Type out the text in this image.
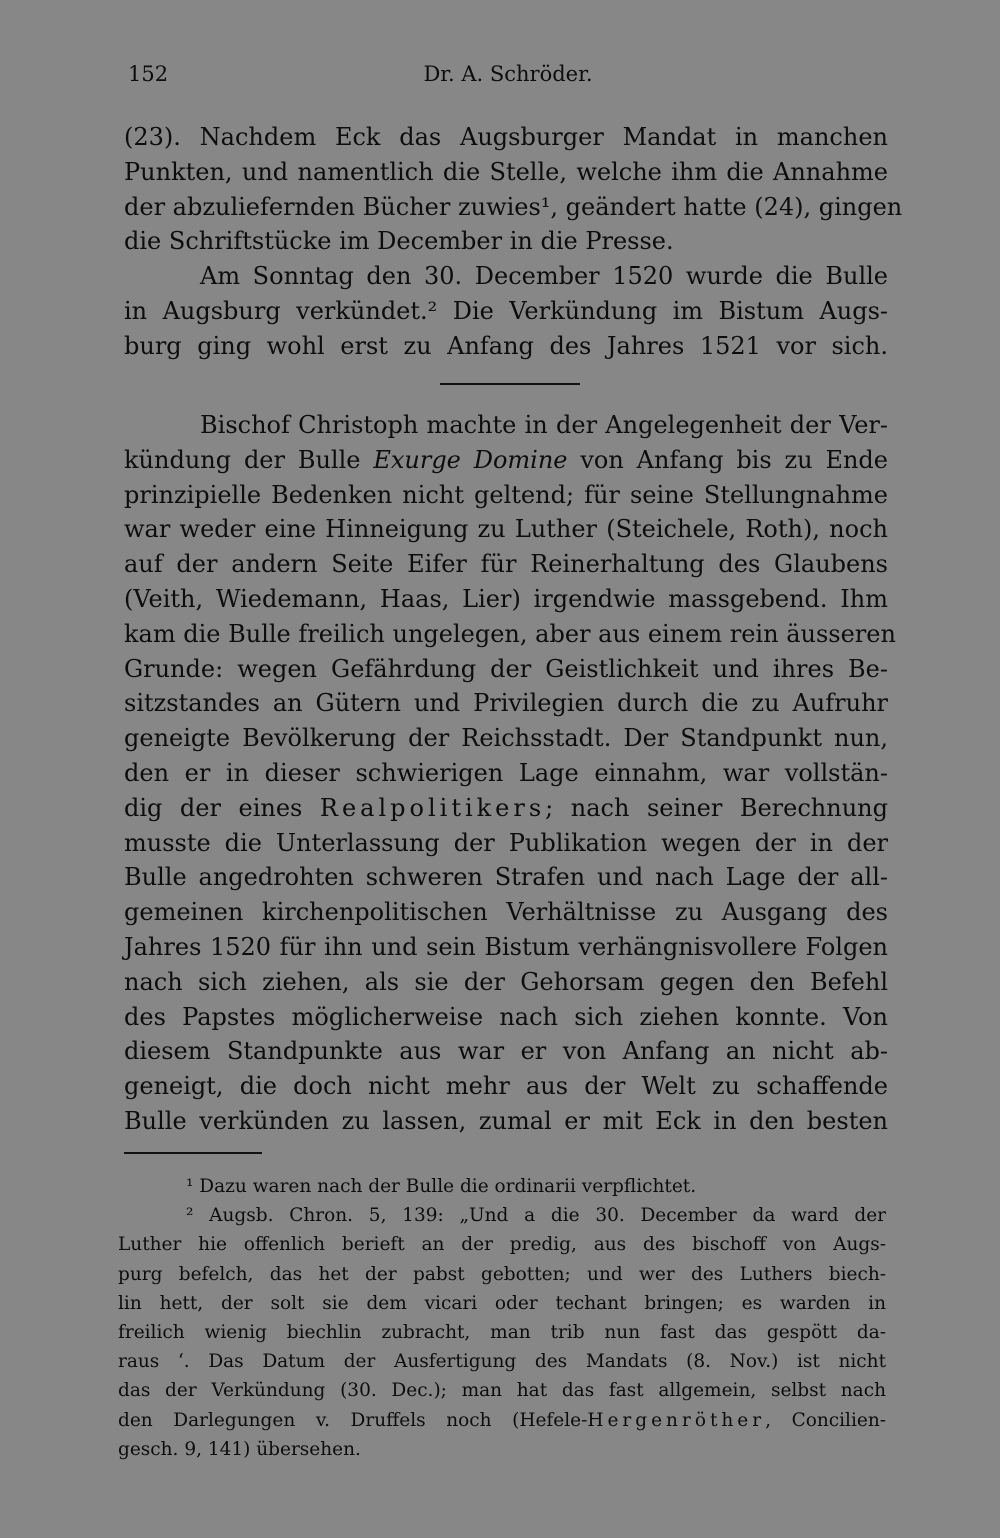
152	Dr. A. Schröder.
(23). Nachdem Eck das Augsburger Mandat in manchen
Punkten, und namentlich die Stelle, welche ihm die Annahme
der abzuliefernden Bücher zuwies¹, geändert hatte (24), gingen
die Schriftstücke im December in die Presse.
Am Sonntag den 30. December 1520 wurde die Bulle
in Augsburg verkündet.² Die Verkündung im Bistum Augs-
burg ging wohl erst zu Anfang des Jahres 1521 vor sich.
Bischof Christoph machte in der Angelegenheit der Ver-
kündung der Bulle Exurge Domine von Anfang bis zu Ende
prinzipielle Bedenken nicht geltend; für seine Stellungnahme
war weder eine Hinneigung zu Luther (Steichele, Roth), noch
auf der andern Seite Eifer für Reinerhaltung des Glaubens
(Veith, Wiedemann, Haas, Lier) irgendwie massgebend. Ihm
kam die Bulle freilich ungelegen, aber aus einem rein äusseren
Grunde: wegen Gefährdung der Geistlichkeit und ihres Be-
sitzstandes an Gütern und Privilegien durch die zu Aufruhr
geneigte Bevölkerung der Reichsstadt. Der Standpunkt nun,
den er in dieser schwierigen Lage einnahm, war vollstän-
dig der eines Realpolitikers; nach seiner Berechnung
musste die Unterlassung der Publikation wegen der in der
Bulle angedrohten schweren Strafen und nach Lage der all-
gemeinen kirchenpolitischen Verhältnisse zu Ausgang des
Jahres 1520 für ihn und sein Bistum verhängnisvollere Folgen
nach sich ziehen, als sie der Gehorsam gegen den Befehl
des Papstes möglicherweise nach sich ziehen konnte. Von
diesem Standpunkte aus war er von Anfang an nicht ab-
geneigt, die doch nicht mehr aus der Welt zu schaffende
Bulle verkünden zu lassen, zumal er mit Eck in den besten
¹ Dazu waren nach der Bulle die ordinarii verpflichtet.
² Augsb. Chron. 5, 139: „Und a die 30. December da ward der
Luther hie offenlich berieft an der predig, aus des bischoff von Augs-
purg befelch, das het der pabst gebotten; und wer des Luthers biech-
lin hett, der solt sie dem vicari oder techant bringen; es warden in
freilich wienig biechlin zubracht, man trib nun fast das gespött da-
raus ‘. Das Datum der Ausfertigung des Mandats (8. Nov.) ist nicht
das der Verkündung (30. Dec.); man hat das fast allgemein, selbst nach
den Darlegungen v. Druffels noch (Hefele-Hergenröther, Concilien-
gesch. 9, 141) übersehen.
